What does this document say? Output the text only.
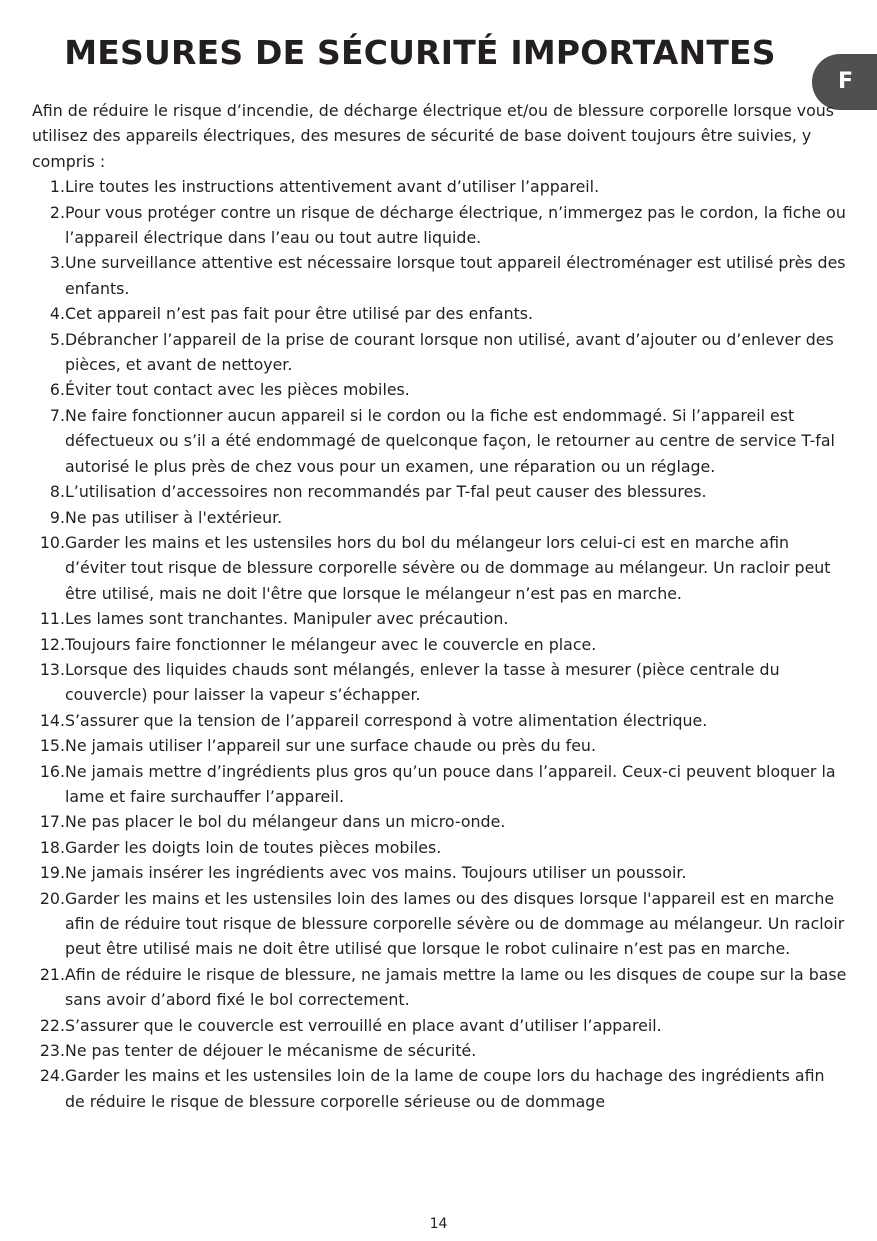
MESURES DE SÉCURITÉ IMPORTANTES
F

Afin de réduire le risque d’incendie, de décharge électrique et/ou de blessure corporelle lorsque vous utilisez des appareils électriques, des mesures de sécurité de base doivent toujours être suivies, y compris :

1. Lire toutes les instructions attentivement avant d’utiliser l’appareil.
2. Pour vous protéger contre un risque de décharge électrique, n’immergez pas le cordon, la fiche ou l’appareil électrique dans l’eau ou tout autre liquide.
3. Une surveillance attentive est nécessaire lorsque tout appareil électroménager est utilisé près des enfants.
4. Cet appareil n’est pas fait pour être utilisé par des enfants.
5. Débrancher l’appareil de la prise de courant lorsque non utilisé, avant d’ajouter ou d’enlever des pièces, et avant de nettoyer.
6. Éviter tout contact avec les pièces mobiles.
7. Ne faire fonctionner aucun appareil si le cordon ou la fiche est endommagé. Si l’appareil est défectueux ou s’il a été endommagé de quelconque façon, le retourner au centre de service T-fal autorisé le plus près de chez vous pour un examen, une réparation ou un réglage.
8. L’utilisation d’accessoires non recommandés par T-fal peut causer des blessures.
9. Ne pas utiliser à l'extérieur.
10. Garder les mains et les ustensiles hors du bol du mélangeur lors celui-ci est en marche afin d’éviter tout risque de blessure corporelle sévère ou de dommage au mélangeur. Un racloir peut être utilisé, mais ne doit l'être que lorsque le mélangeur n’est pas en marche.
11. Les lames sont tranchantes. Manipuler avec précaution.
12. Toujours faire fonctionner le mélangeur avec le couvercle en place.
13. Lorsque des liquides chauds sont mélangés, enlever la tasse à mesurer (pièce centrale du couvercle) pour laisser la vapeur s’échapper.
14. S’assurer que la tension de l’appareil correspond à votre alimentation électrique.
15. Ne jamais utiliser l’appareil sur une surface chaude ou près du feu.
16. Ne jamais mettre d’ingrédients plus gros qu’un pouce dans l’appareil. Ceux-ci peuvent bloquer la lame et faire surchauffer l’appareil.
17. Ne pas placer le bol du mélangeur dans un micro-onde.
18. Garder les doigts loin de toutes pièces mobiles.
19. Ne jamais insérer les ingrédients avec vos mains. Toujours utiliser un poussoir.
20. Garder les mains et les ustensiles loin des lames ou des disques lorsque l'appareil est en marche afin de réduire tout risque de blessure corporelle sévère ou de dommage au mélangeur. Un racloir peut être utilisé mais ne doit être utilisé que lorsque le robot culinaire n’est pas en marche.
21. Afin de réduire le risque de blessure, ne jamais mettre la lame ou les disques de coupe sur la base sans avoir d’abord fixé le bol correctement.
22. S’assurer que le couvercle est verrouillé en place avant d’utiliser l’appareil.
23. Ne pas tenter de déjouer le mécanisme de sécurité.
24. Garder les mains et les ustensiles loin de la lame de coupe lors du hachage des ingrédients afin de réduire le risque de blessure corporelle sérieuse ou de dommage
14
